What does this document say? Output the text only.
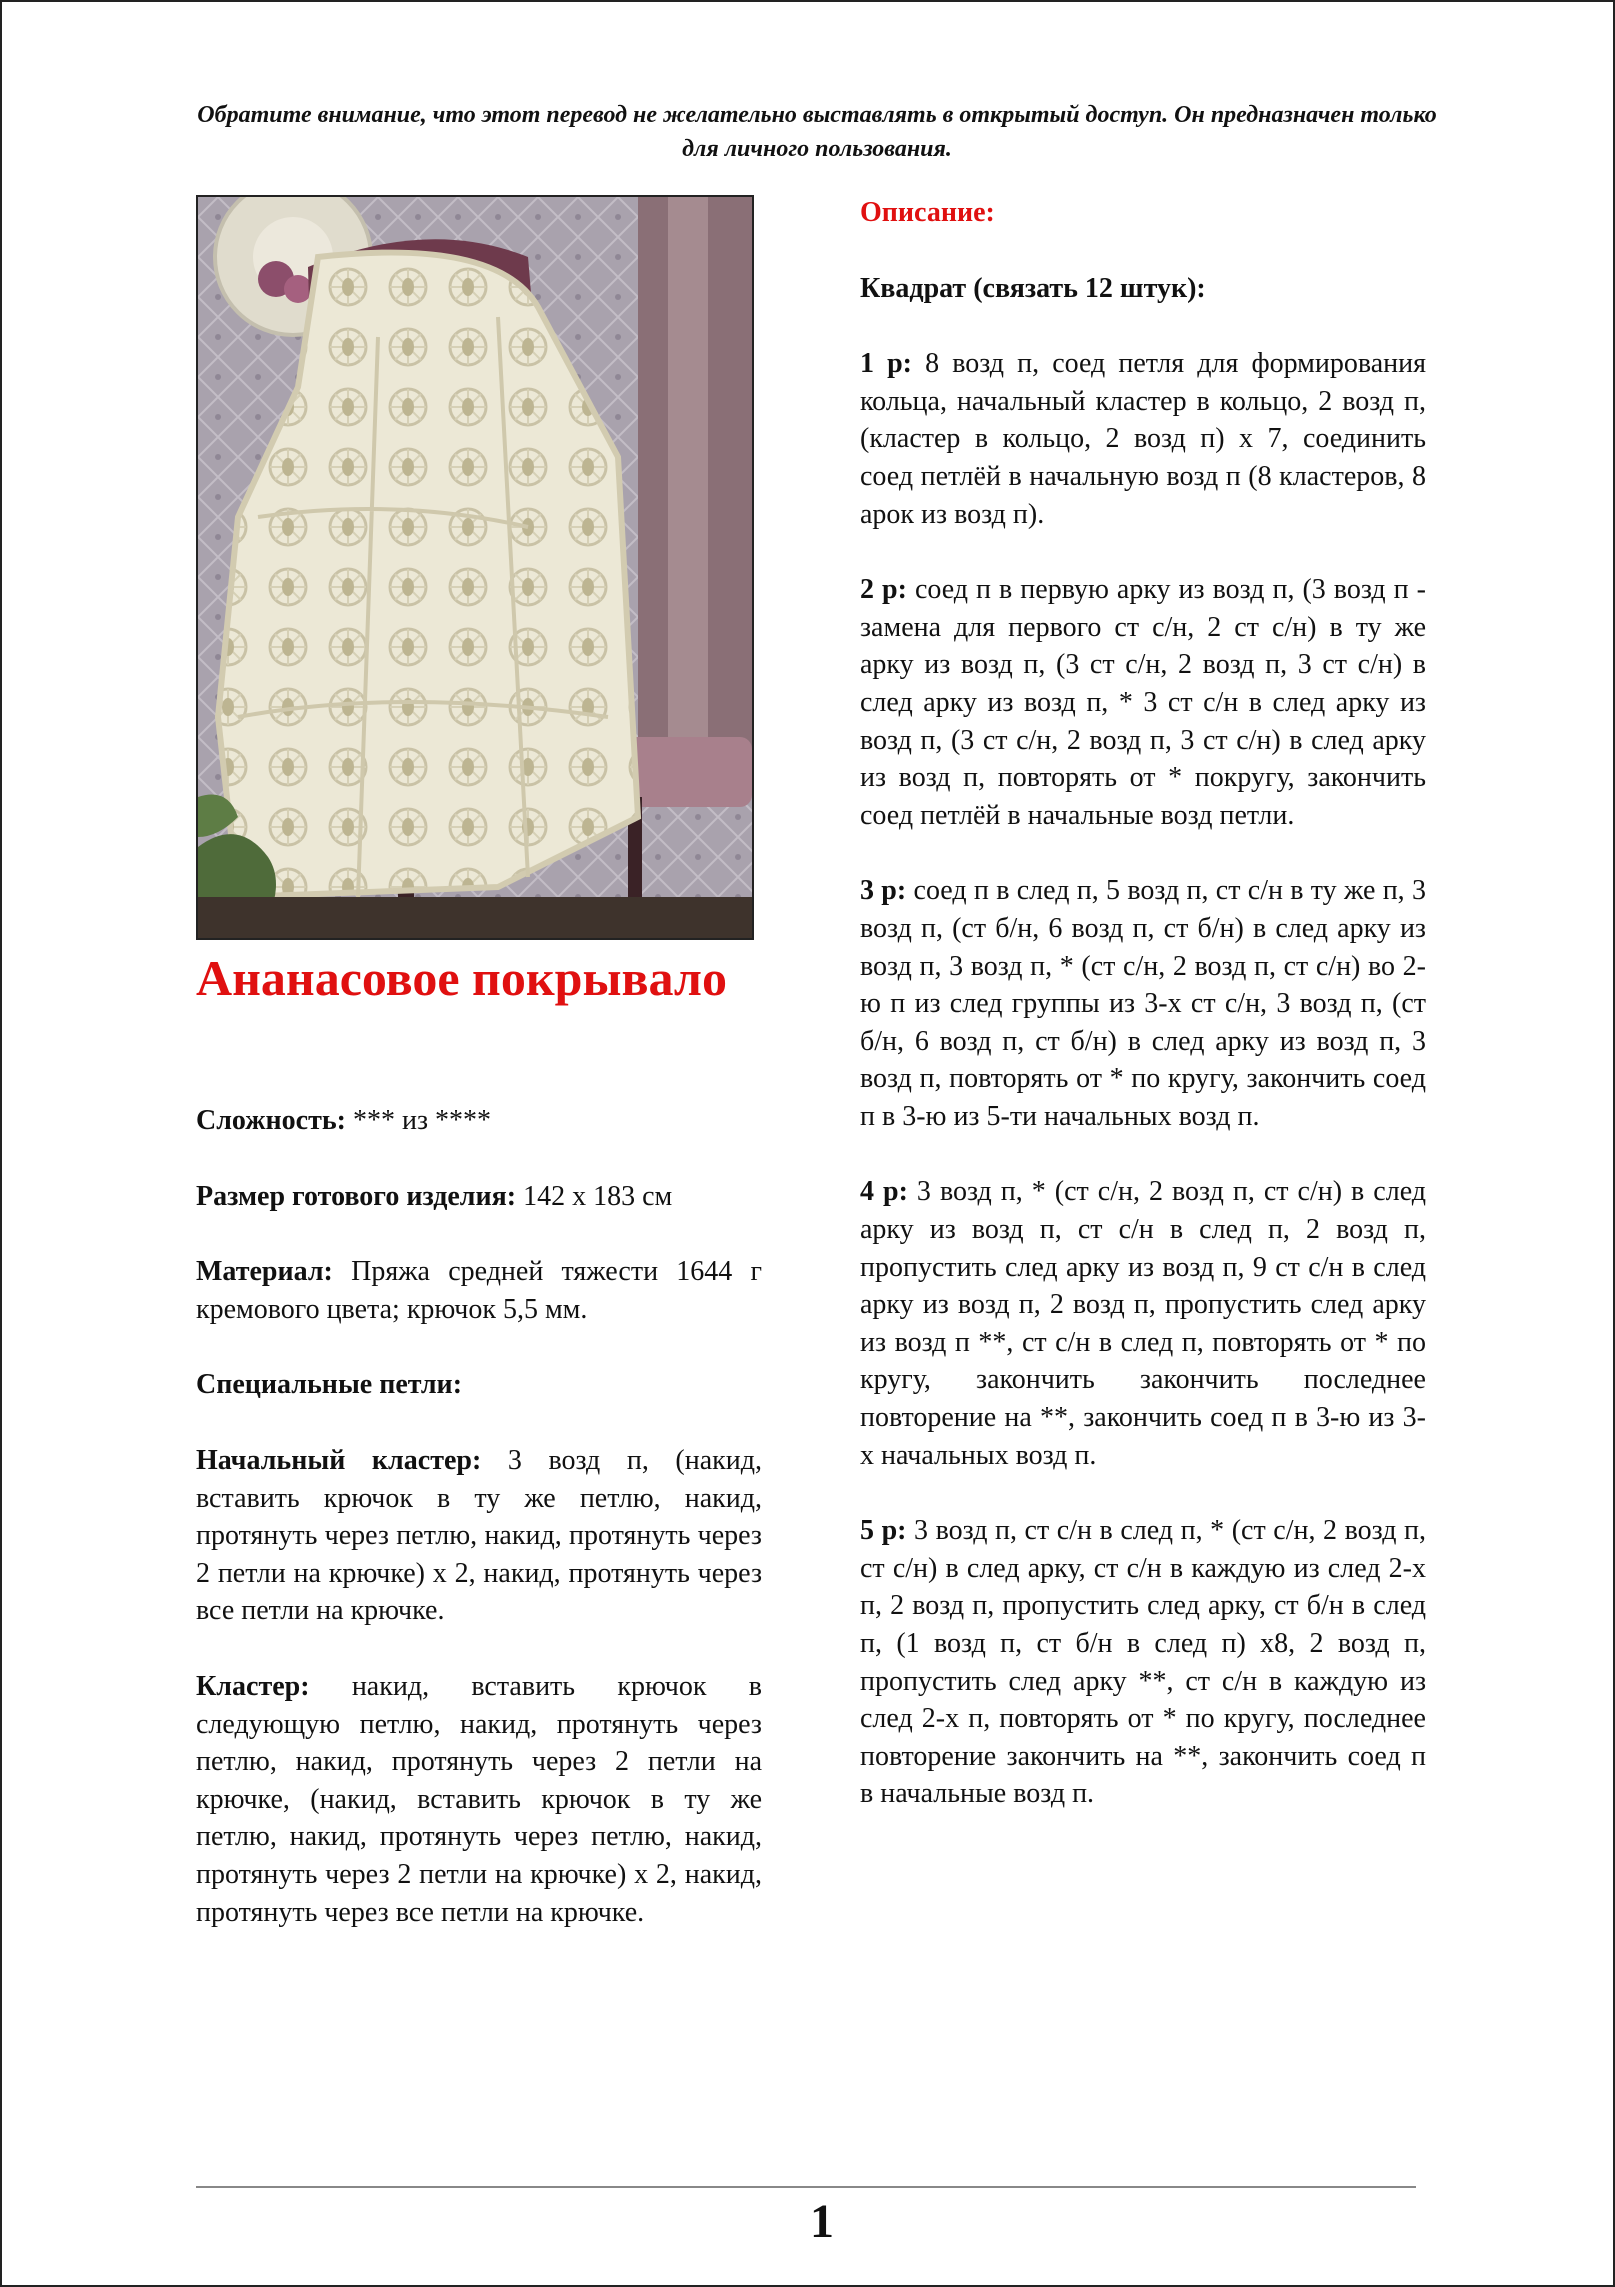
Обратите внимание, что этот перевод не желательно выставлять в открытый доступ. Он предназначен только для личного пользования.
Ананасовое покрывало

Сложность: *** из ****

Размер готового изделия: 142 х 183 см

Материал: Пряжа средней тяжести 1644 г кремового цвета; крючок 5,5 мм.

Специальные петли:

Начальный кластер: 3 возд п, (накид, вставить крючок в ту же петлю, накид, протянуть через петлю, накид, протянуть через 2 петли на крючке) х 2, накид, протянуть через все петли на крючке.

Кластер: накид, вставить крючок в следующую петлю, накид, протянуть через петлю, накид, протянуть через 2 петли на крючке, (накид, вставить крючок в ту же петлю, накид, протянуть через петлю, накид, протянуть через 2 петли на крючке) х 2, накид, протянуть через все петли на крючке.

Описание:

Квадрат (связать 12 штук):

1 р: 8 возд п, соед петля для формирования кольца, начальный кластер в кольцо, 2 возд п, (кластер в кольцо, 2 возд п) х 7, соединить соед петлёй в начальную возд п (8 кластеров, 8 арок из возд п).

2 р: соед п в первую арку из возд п, (3 возд п - замена для первого ст с/н, 2 ст с/н) в ту же арку из возд п, (3 ст с/н, 2 возд п, 3 ст с/н) в след арку из возд п, * 3 ст с/н в след арку из возд п, (3 ст с/н, 2 возд п, 3 ст с/н) в след арку из возд п, повторять от * покругу, закончить соед петлёй в начальные возд петли.

3 р: соед п в след п, 5 возд п, ст с/н в ту же п, 3 возд п, (ст б/н, 6 возд п, ст б/н) в след арку из возд п, 3 возд п, * (ст с/н, 2 возд п, ст с/н) во 2-ю п из след группы из 3-х ст с/н, 3 возд п, (ст б/н, 6 возд п, ст б/н) в след арку из возд п, 3 возд п, повторять от * по кругу, закончить соед п в 3-ю из 5-ти начальных возд п.

4 р: 3 возд п, * (ст с/н, 2 возд п, ст с/н) в след арку из возд п, ст с/н в след п, 2 возд п, пропустить след арку из возд п, 9 ст с/н в след арку из возд п, 2 возд п, пропустить след арку из возд п **, ст с/н в след п, повторять от * по кругу, закончить закончить последнее повторение на **, закончить соед п в 3-ю из 3-х начальных возд п.

5 р: 3 возд п, ст с/н в след п, * (ст с/н, 2 возд п, ст с/н) в след арку, ст с/н в каждую из след 2-х п, 2 возд п, пропустить след арку, ст б/н в след п, (1 возд п, ст б/н в след п) х8, 2 возд п, пропустить след арку **, ст с/н в каждую из след 2-х п, повторять от * по кругу, последнее повторение закончить на **, закончить соед п в начальные возд п.

1
